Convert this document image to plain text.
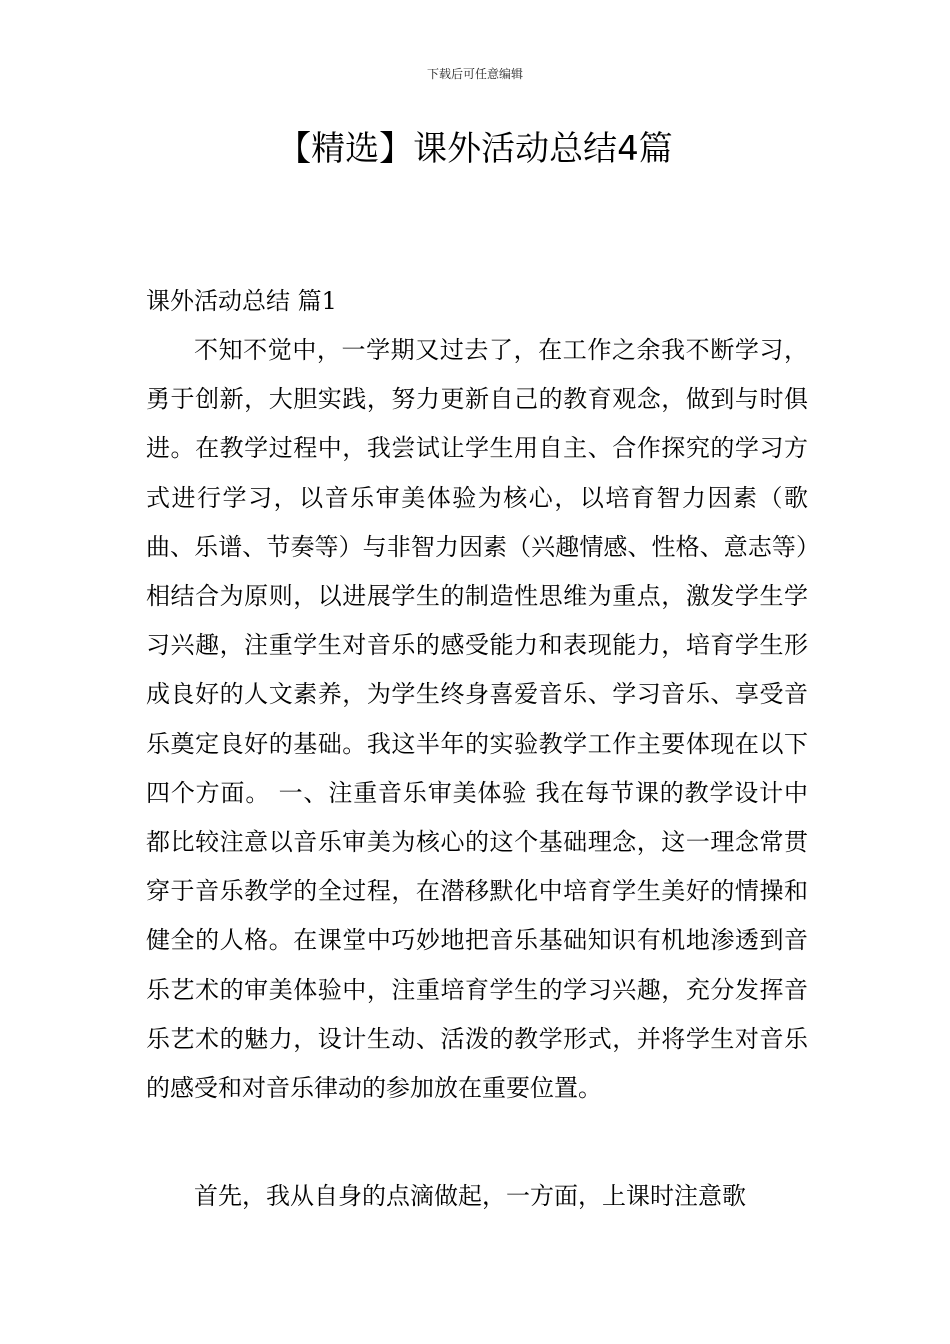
下载后可任意编辑
【精选】课外活动总结4篇
课外活动总结 篇1

不知不觉中，一学期又过去了，在工作之余我不断学习，勇于创新，大胆实践，努力更新自己的教育观念，做到与时俱进。在教学过程中，我尝试让学生用自主、合作探究的学习方式进行学习，以音乐审美体验为核心，以培育智力因素（歌曲、乐谱、节奏等）与非智力因素（兴趣情感、性格、意志等）相结合为原则，以进展学生的制造性思维为重点，激发学生学习兴趣，注重学生对音乐的感受能力和表现能力，培育学生形成良好的人文素养，为学生终身喜爱音乐、学习音乐、享受音乐奠定良好的基础。我这半年的实验教学工作主要体现在以下四个方面。 一、注重音乐审美体验 我在每节课的教学设计中都比较注意以音乐审美为核心的这个基础理念，这一理念常贯穿于音乐教学的全过程，在潜移默化中培育学生美好的情操和健全的人格。在课堂中巧妙地把音乐基础知识有机地渗透到音乐艺术的审美体验中，注重培育学生的学习兴趣，充分发挥音乐艺术的魅力，设计生动、活泼的教学形式，并将学生对音乐的感受和对音乐律动的参加放在重要位置。

首先，我从自身的点滴做起，一方面，上课时注意歌
